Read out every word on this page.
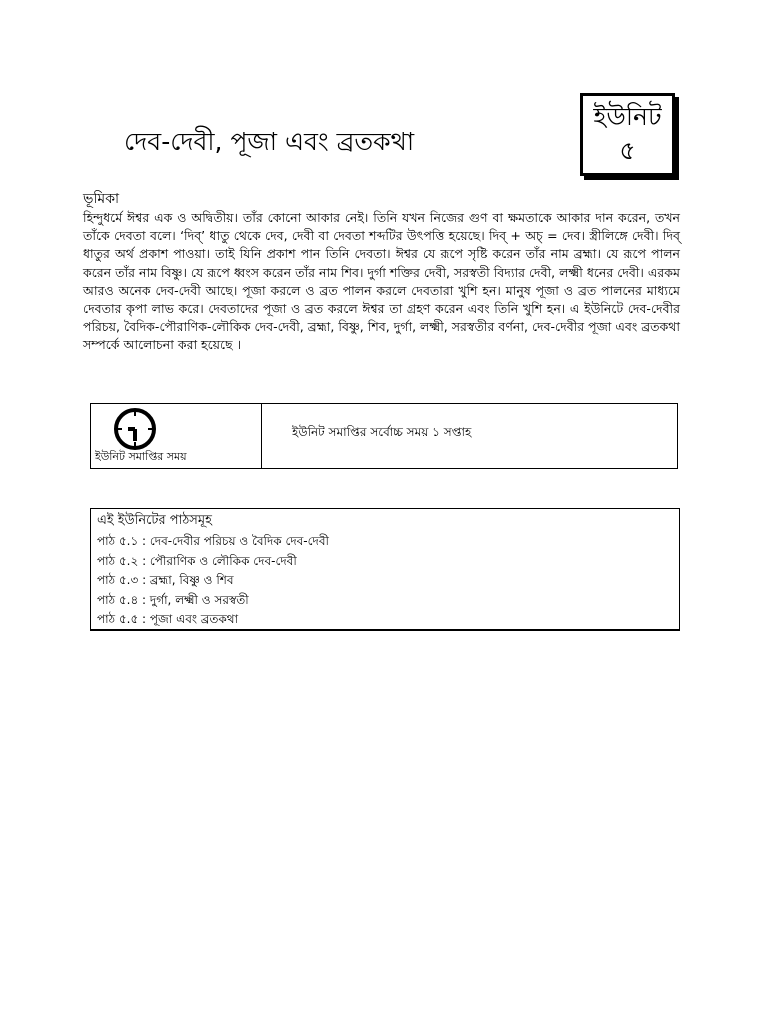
দেব-দেবী, পূজা এবং ব্রতকথা
ইউনিট
৫
ভূমিকা
হিন্দুধর্মে ঈশ্বর এক ও অদ্বিতীয়। তাঁর কোনো আকার নেই। তিনি যখন নিজের গুণ বা ক্ষমতাকে আকার দান করেন, তখন তাঁকে দেবতা বলে। ‘দিব্’ ধাতু থেকে দেব, দেবী বা দেবতা শব্দটির উৎপত্তি হয়েছে। দিব্ + অচ্ = দেব। স্ত্রীলিঙ্গে দেবী। দিব্ ধাতুর অর্থ প্রকাশ পাওয়া। তাই যিনি প্রকাশ পান তিনি দেবতা। ঈশ্বর যে রূপে সৃষ্টি করেন তাঁর নাম ব্রহ্মা। যে রূপে পালন করেন তাঁর নাম বিষ্ণু। যে রূপে ধ্বংস করেন তাঁর নাম শিব। দুর্গা শক্তির দেবী, সরস্বতী বিদ্যার দেবী, লক্ষ্মী ধনের দেবী। এরকম আরও অনেক দেব-দেবী আছে। পূজা করলে ও ব্রত পালন করলে দেবতারা খুশি হন। মানুষ পূজা ও ব্রত পালনের মাধ্যমে দেবতার কৃপা লাভ করে। দেবতাদের পূজা ও ব্রত করলে ঈশ্বর তা গ্রহণ করেন এবং তিনি খুশি হন। এ ইউনিটে দেব-দেবীর পরিচয়, বৈদিক-পৌরাণিক-লৌকিক দেব-দেবী, ব্রহ্মা, বিষ্ণু, শিব, দুর্গা, লক্ষ্মী, সরস্বতীর বর্ণনা, দেব-দেবীর পূজা এবং ব্রতকথা সম্পর্কে আলোচনা করা হয়েছে ।
ইউনিট সমাপ্তির সময়
ইউনিট সমাপ্তির সর্বোচ্চ সময় ১ সপ্তাহ
এই ইউনিটের পাঠসমূহ
পাঠ ৫.১ : দেব-দেবীর পরিচয় ও বৈদিক দেব-দেবী
পাঠ ৫.২ : পৌরাণিক ও লৌকিক দেব-দেবী
পাঠ ৫.৩ : ব্রহ্মা, বিষ্ণু ও শিব
পাঠ ৫.৪ : দুর্গা, লক্ষ্মী ও সরস্বতী
পাঠ ৫.৫ : পূজা এবং ব্রতকথা
